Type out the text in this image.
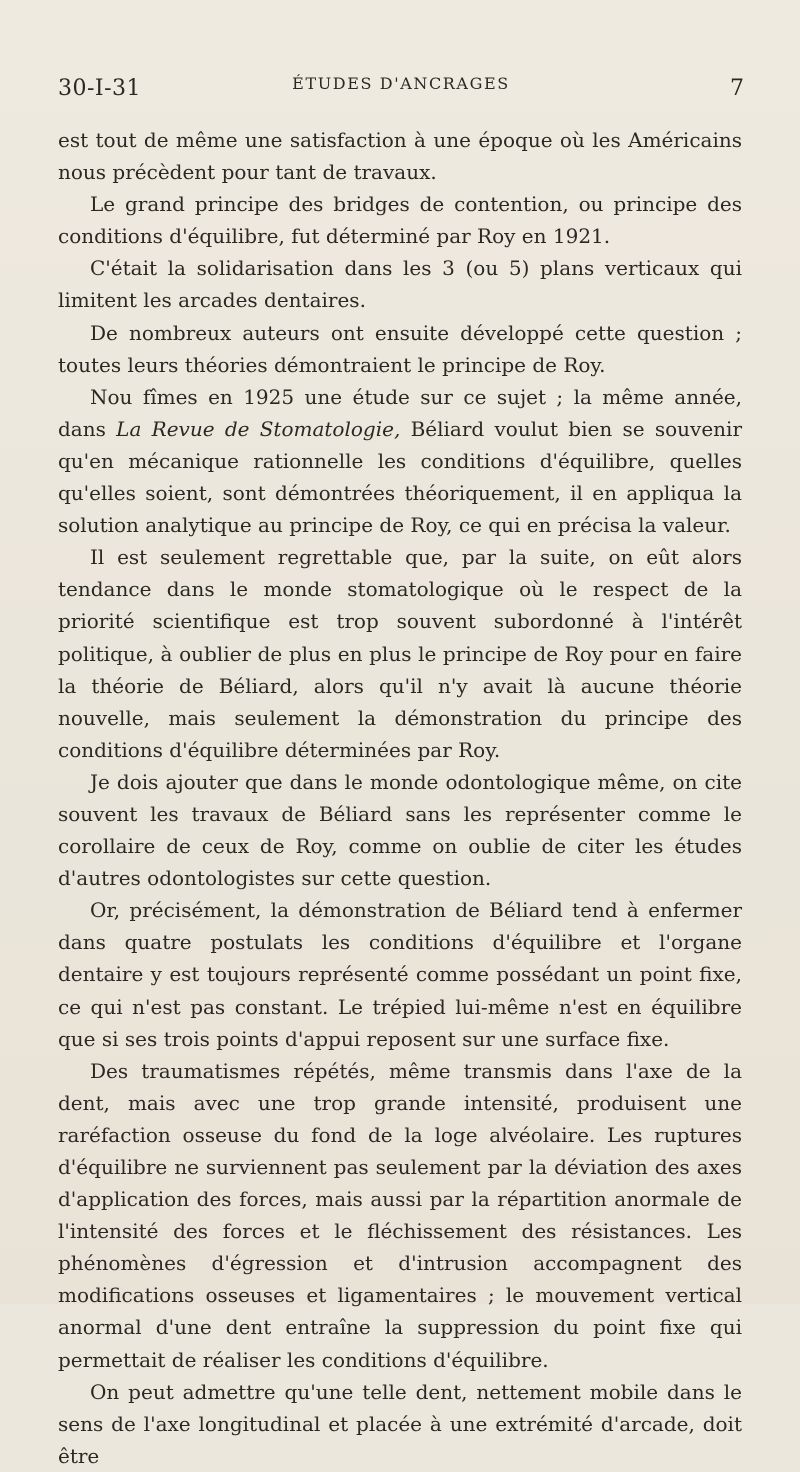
30-I-31	ÉTUDES D'ANCRAGES	7

est tout de même une satisfaction à une époque où les Américains nous précèdent pour tant de travaux.

Le grand principe des bridges de contention, ou principe des conditions d'équilibre, fut déterminé par Roy en 1921.

C'était la solidarisation dans les 3 (ou 5) plans verticaux qui limitent les arcades dentaires.

De nombreux auteurs ont ensuite développé cette question ; toutes leurs théories démontraient le principe de Roy.

Nou fîmes en 1925 une étude sur ce sujet ; la même année, dans La Revue de Stomatologie, Béliard voulut bien se souvenir qu'en mécanique rationnelle les conditions d'équilibre, quelles qu'elles soient, sont démontrées théoriquement, il en appliqua la solution analytique au principe de Roy, ce qui en précisa la valeur.

Il est seulement regrettable que, par la suite, on eût alors tendance dans le monde stomatologique où le respect de la priorité scientifique est trop souvent subordonné à l'intérêt politique, à oublier de plus en plus le principe de Roy pour en faire la théorie de Béliard, alors qu'il n'y avait là aucune théorie nouvelle, mais seulement la démonstration du principe des conditions d'équilibre déterminées par Roy.

Je dois ajouter que dans le monde odontologique même, on cite souvent les travaux de Béliard sans les représenter comme le corollaire de ceux de Roy, comme on oublie de citer les études d'autres odontologistes sur cette question.

Or, précisément, la démonstration de Béliard tend à enfermer dans quatre postulats les conditions d'équilibre et l'organe dentaire y est toujours représenté comme possédant un point fixe, ce qui n'est pas constant. Le trépied lui-même n'est en équilibre que si ses trois points d'appui reposent sur une surface fixe.

Des traumatismes répétés, même transmis dans l'axe de la dent, mais avec une trop grande intensité, produisent une raréfaction osseuse du fond de la loge alvéolaire. Les ruptures d'équilibre ne surviennent pas seulement par la déviation des axes d'application des forces, mais aussi par la répartition anormale de l'intensité des forces et le fléchissement des résistances. Les phénomènes d'égression et d'intrusion accompagnent des modifications osseuses et ligamentaires ; le mouvement vertical anormal d'une dent entraîne la suppression du point fixe qui permettait de réaliser les conditions d'équilibre.

On peut admettre qu'une telle dent, nettement mobile dans le sens de l'axe longitudinal et placée à une extrémité d'arcade, doit être
